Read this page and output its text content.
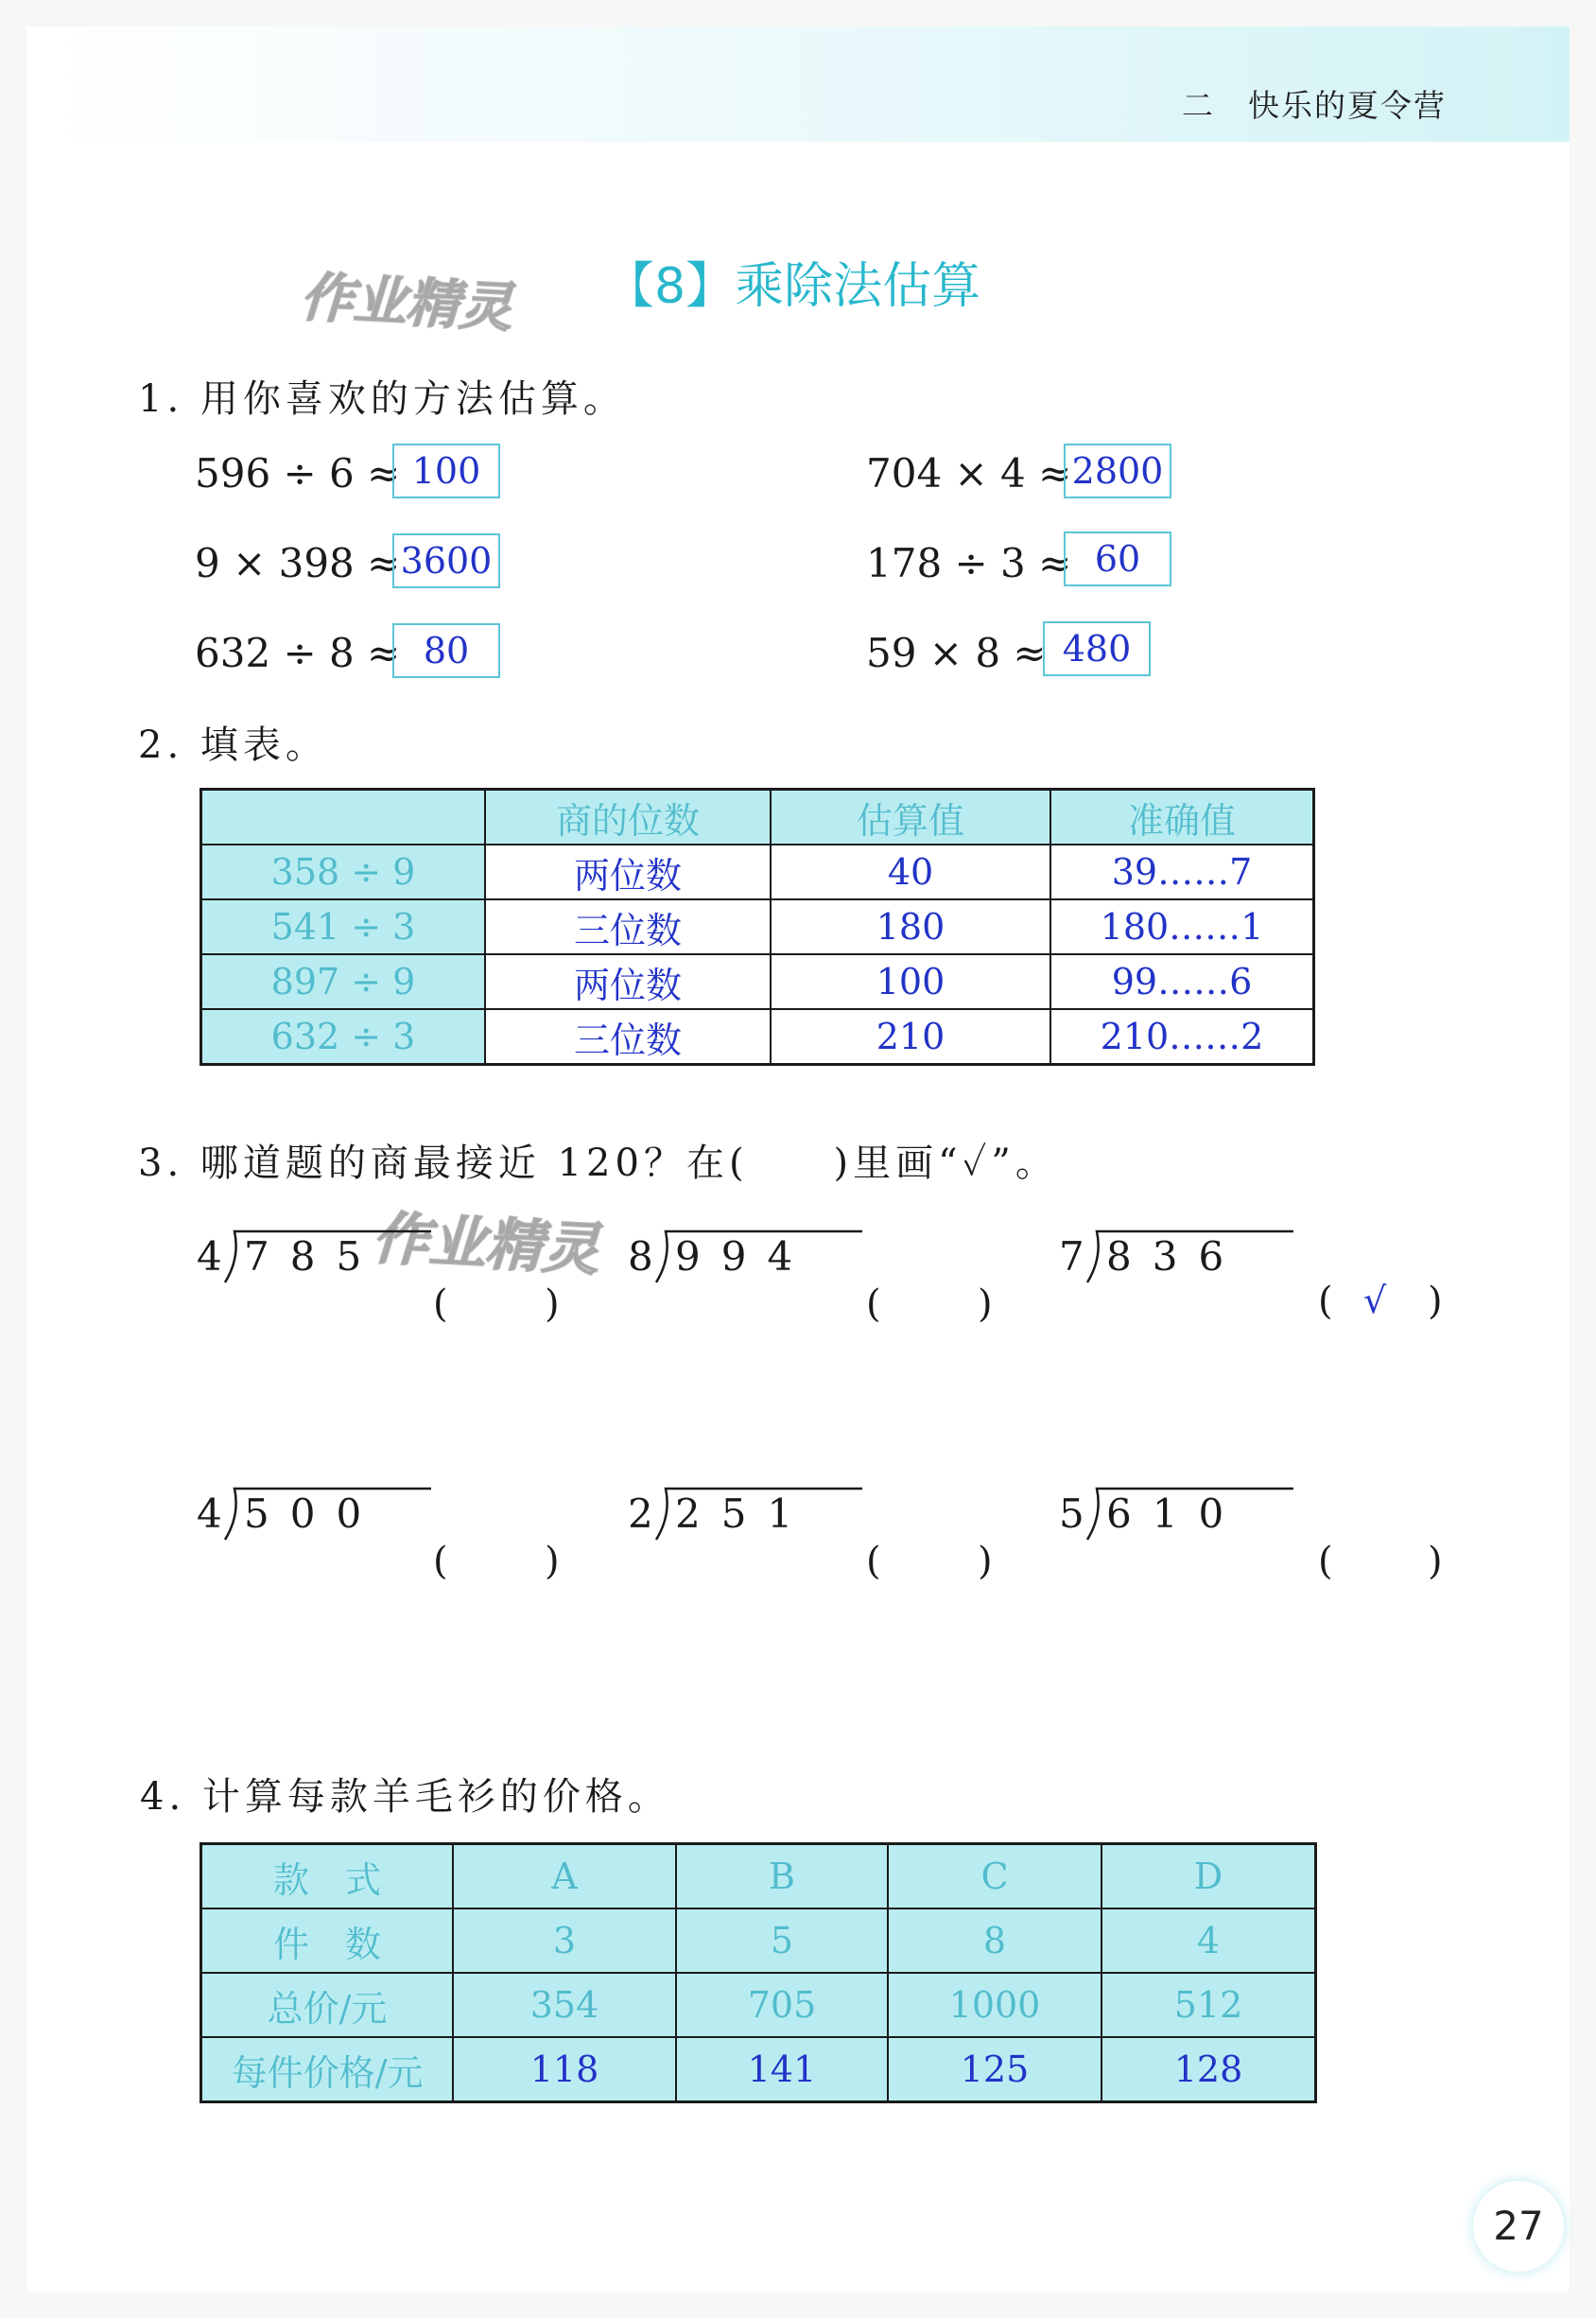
二　快乐的夏令营
作业精灵 【8】乘除法估算
1. 用你喜欢的方法估算。
596 ÷ 6 ≈ 100	704 × 4 ≈ 2800
9 × 398 ≈ 3600	178 ÷ 3 ≈ 60
632 ÷ 8 ≈ 80	59 × 8 ≈ 480
2. 填表。
	商的位数	估算值	准确值
358 ÷ 9	两位数	40	39……7
541 ÷ 3	三位数	180	180……1
897 ÷ 9	两位数	100	99……6
632 ÷ 3	三位数	210	210……2
3. 哪道题的商最接近 120？在(　　)里画“✓”。
作业精灵
4 785
(	)
8 994
(	)
7 836
( √ )
4 500
(	)
2 251
(	)
5 610
(	)
4. 计算每款羊毛衫的价格。
款　式	A	B	C	D
件　数	3	5	8	4
总价/元	354	705	1000	512
每件价格/元	118	141	125	128
27
